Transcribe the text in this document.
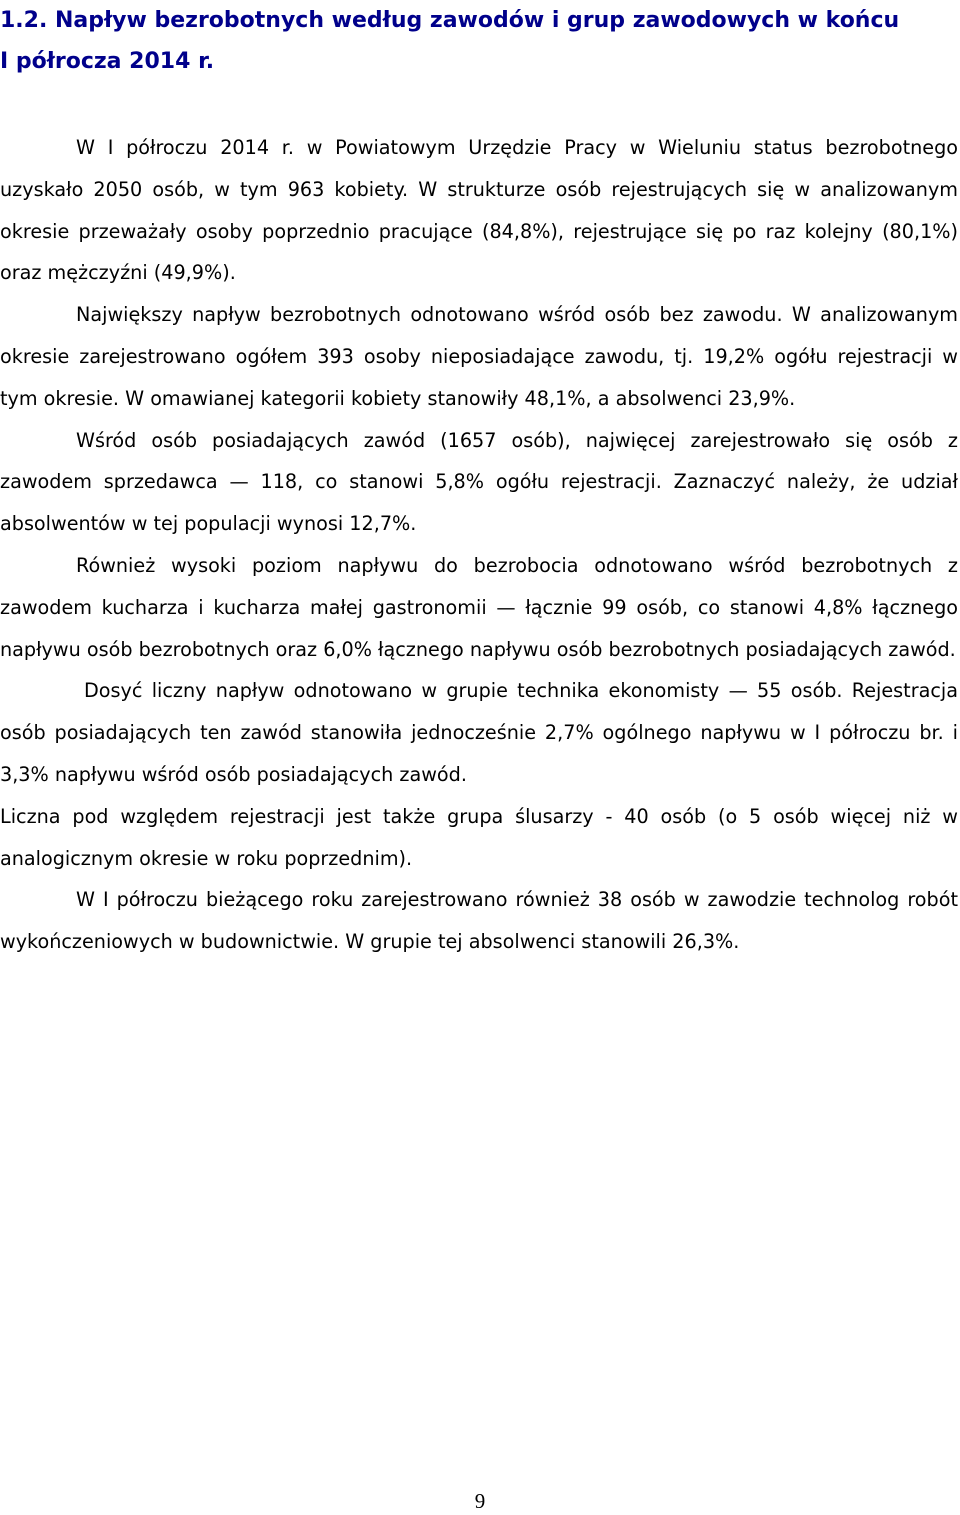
1.2. Napływ bezrobotnych według zawodów i grup zawodowych w końcu
I półrocza 2014 r.

W I półroczu 2014 r. w Powiatowym Urzędzie Pracy w Wieluniu status bezrobotnego uzyskało 2050 osób, w tym 963 kobiety. W strukturze osób rejestrujących się w analizowanym okresie przeważały osoby poprzednio pracujące (84,8%), rejestrujące się po raz kolejny (80,1%) oraz mężczyźni (49,9%).

Największy napływ bezrobotnych odnotowano wśród osób bez zawodu. W analizowanym okresie zarejestrowano ogółem 393 osoby nieposiadające zawodu, tj. 19,2% ogółu rejestracji w tym okresie. W omawianej kategorii kobiety stanowiły 48,1%, a absolwenci 23,9%.

Wśród osób posiadających zawód (1657 osób), najwięcej zarejestrowało się osób z zawodem sprzedawca — 118, co stanowi 5,8% ogółu rejestracji. Zaznaczyć należy, że udział absolwentów w tej populacji wynosi 12,7%.

Również wysoki poziom napływu do bezrobocia odnotowano wśród bezrobotnych z zawodem kucharza i kucharza małej gastronomii — łącznie 99 osób, co stanowi 4,8% łącznego napływu osób bezrobotnych oraz 6,0% łącznego napływu osób bezrobotnych posiadających zawód.

Dosyć liczny napływ odnotowano w grupie technika ekonomisty — 55 osób. Rejestracja osób posiadających ten zawód stanowiła jednocześnie 2,7% ogólnego napływu w I półroczu br. i 3,3% napływu wśród osób posiadających zawód.

Liczna pod względem rejestracji jest także grupa ślusarzy - 40 osób (o 5 osób więcej niż w analogicznym okresie w roku poprzednim).

W I półroczu bieżącego roku zarejestrowano również 38 osób w zawodzie technolog robót wykończeniowych w budownictwie. W grupie tej absolwenci stanowili 26,3%.

9
